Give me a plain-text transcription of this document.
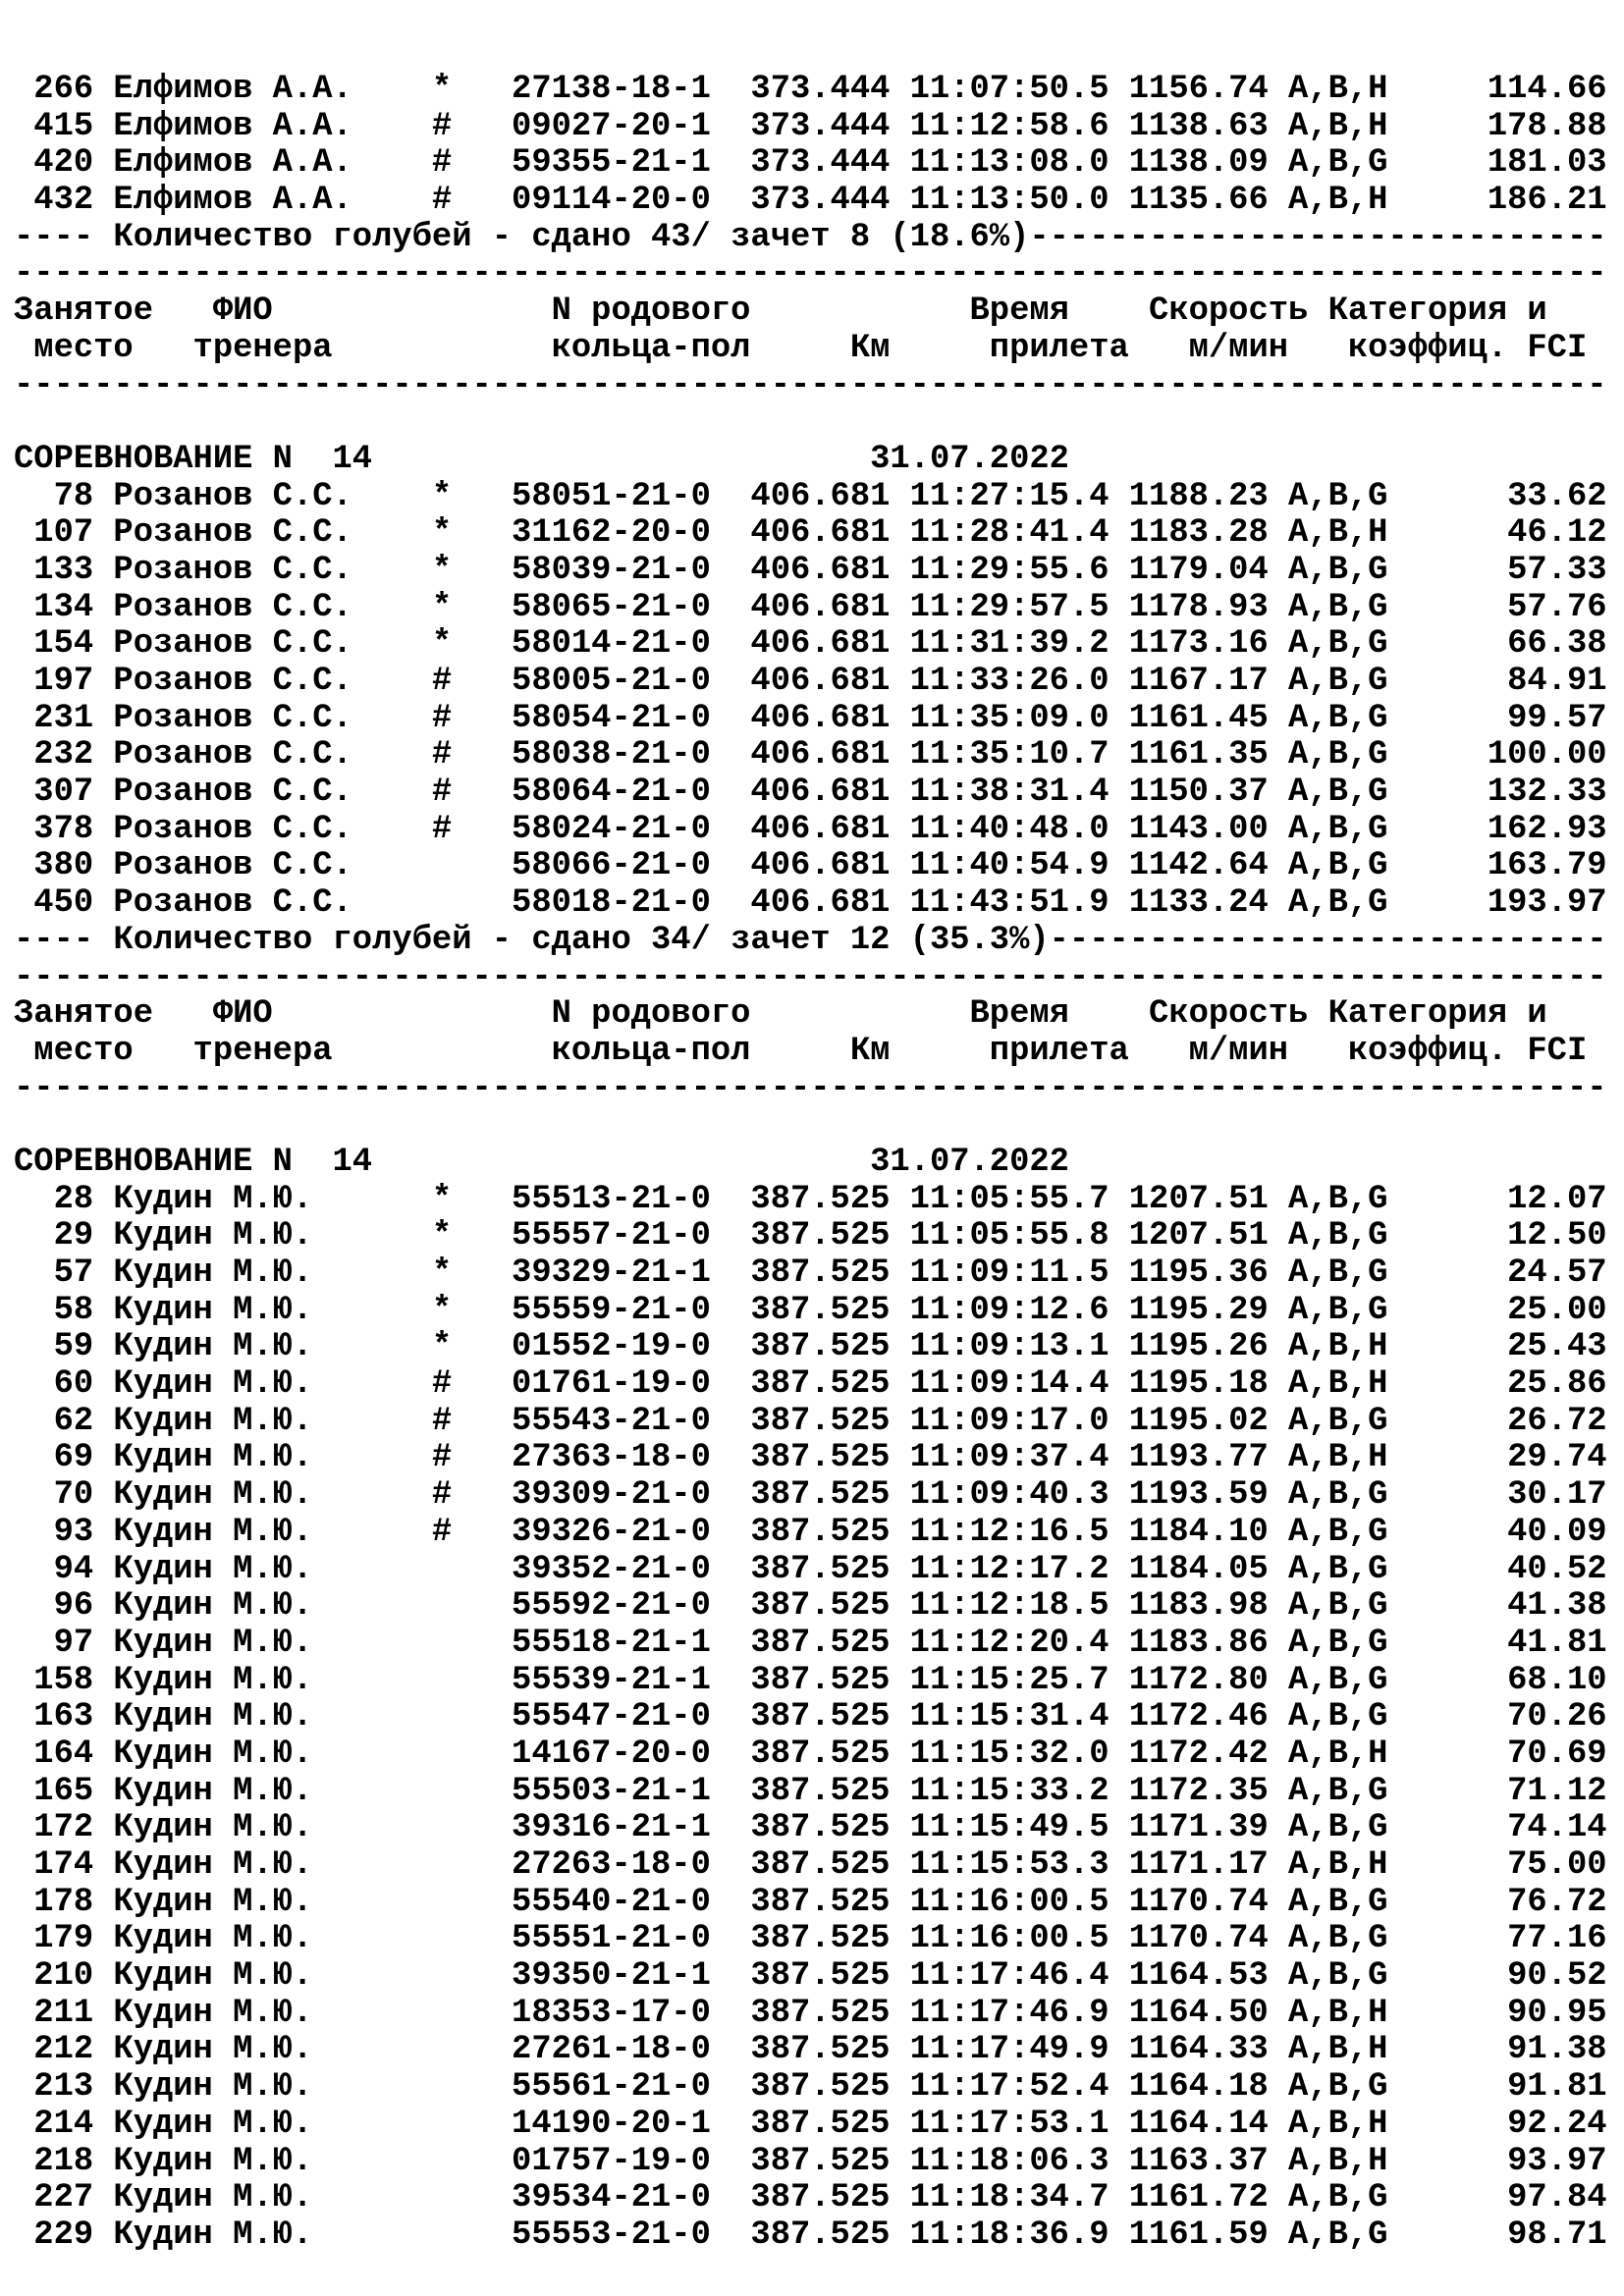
266 Елфимов А.А.    *   27138-18-1  373.444 11:07:50.5 1156.74 A,B,H     114.66
415 Елфимов А.А.    #   09027-20-1  373.444 11:12:58.6 1138.63 A,B,H     178.88
420 Елфимов А.А.    #   59355-21-1  373.444 11:13:08.0 1138.09 A,B,G     181.03
432 Елфимов А.А.    #   09114-20-0  373.444 11:13:50.0 1135.66 A,B,H     186.21
---- Количество голубей - сдано 43/ зачет 8 (18.6%)-----------------------------
--------------------------------------------------------------------------------
Занятое   ФИО              N родового           Время    Скорость Категория и
место   тренера           кольца-пол     Км     прилета   м/мин   коэффиц. FCI
--------------------------------------------------------------------------------
СОРЕВНОВАНИЕ N  14                         31.07.2022
78 Розанов С.С.    *   58051-21-0  406.681 11:27:15.4 1188.23 A,B,G      33.62
107 Розанов С.С.    *   31162-20-0  406.681 11:28:41.4 1183.28 A,B,H      46.12
133 Розанов С.С.    *   58039-21-0  406.681 11:29:55.6 1179.04 A,B,G      57.33
134 Розанов С.С.    *   58065-21-0  406.681 11:29:57.5 1178.93 A,B,G      57.76
154 Розанов С.С.    *   58014-21-0  406.681 11:31:39.2 1173.16 A,B,G      66.38
197 Розанов С.С.    #   58005-21-0  406.681 11:33:26.0 1167.17 A,B,G      84.91
231 Розанов С.С.    #   58054-21-0  406.681 11:35:09.0 1161.45 A,B,G      99.57
232 Розанов С.С.    #   58038-21-0  406.681 11:35:10.7 1161.35 A,B,G     100.00
307 Розанов С.С.    #   58064-21-0  406.681 11:38:31.4 1150.37 A,B,G     132.33
378 Розанов С.С.    #   58024-21-0  406.681 11:40:48.0 1143.00 A,B,G     162.93
380 Розанов С.С.        58066-21-0  406.681 11:40:54.9 1142.64 A,B,G     163.79
450 Розанов С.С.        58018-21-0  406.681 11:43:51.9 1133.24 A,B,G     193.97
---- Количество голубей - сдано 34/ зачет 12 (35.3%)----------------------------
--------------------------------------------------------------------------------
Занятое   ФИО              N родового           Время    Скорость Категория и
место   тренера           кольца-пол     Км     прилета   м/мин   коэффиц. FCI
--------------------------------------------------------------------------------
СОРЕВНОВАНИЕ N  14                         31.07.2022
28 Кудин М.Ю.      *   55513-21-0  387.525 11:05:55.7 1207.51 A,B,G      12.07
29 Кудин М.Ю.      *   55557-21-0  387.525 11:05:55.8 1207.51 A,B,G      12.50
57 Кудин М.Ю.      *   39329-21-1  387.525 11:09:11.5 1195.36 A,B,G      24.57
58 Кудин М.Ю.      *   55559-21-0  387.525 11:09:12.6 1195.29 A,B,G      25.00
59 Кудин М.Ю.      *   01552-19-0  387.525 11:09:13.1 1195.26 A,B,H      25.43
60 Кудин М.Ю.      #   01761-19-0  387.525 11:09:14.4 1195.18 A,B,H      25.86
62 Кудин М.Ю.      #   55543-21-0  387.525 11:09:17.0 1195.02 A,B,G      26.72
69 Кудин М.Ю.      #   27363-18-0  387.525 11:09:37.4 1193.77 A,B,H      29.74
70 Кудин М.Ю.      #   39309-21-0  387.525 11:09:40.3 1193.59 A,B,G      30.17
93 Кудин М.Ю.      #   39326-21-0  387.525 11:12:16.5 1184.10 A,B,G      40.09
94 Кудин М.Ю.          39352-21-0  387.525 11:12:17.2 1184.05 A,B,G      40.52
96 Кудин М.Ю.          55592-21-0  387.525 11:12:18.5 1183.98 A,B,G      41.38
97 Кудин М.Ю.          55518-21-1  387.525 11:12:20.4 1183.86 A,B,G      41.81
158 Кудин М.Ю.          55539-21-1  387.525 11:15:25.7 1172.80 A,B,G      68.10
163 Кудин М.Ю.          55547-21-0  387.525 11:15:31.4 1172.46 A,B,G      70.26
164 Кудин М.Ю.          14167-20-0  387.525 11:15:32.0 1172.42 A,B,H      70.69
165 Кудин М.Ю.          55503-21-1  387.525 11:15:33.2 1172.35 A,B,G      71.12
172 Кудин М.Ю.          39316-21-1  387.525 11:15:49.5 1171.39 A,B,G      74.14
174 Кудин М.Ю.          27263-18-0  387.525 11:15:53.3 1171.17 A,B,H      75.00
178 Кудин М.Ю.          55540-21-0  387.525 11:16:00.5 1170.74 A,B,G      76.72
179 Кудин М.Ю.          55551-21-0  387.525 11:16:00.5 1170.74 A,B,G      77.16
210 Кудин М.Ю.          39350-21-1  387.525 11:17:46.4 1164.53 A,B,G      90.52
211 Кудин М.Ю.          18353-17-0  387.525 11:17:46.9 1164.50 A,B,H      90.95
212 Кудин М.Ю.          27261-18-0  387.525 11:17:49.9 1164.33 A,B,H      91.38
213 Кудин М.Ю.          55561-21-0  387.525 11:17:52.4 1164.18 A,B,G      91.81
214 Кудин М.Ю.          14190-20-1  387.525 11:17:53.1 1164.14 A,B,H      92.24
218 Кудин М.Ю.          01757-19-0  387.525 11:18:06.3 1163.37 A,B,H      93.97
227 Кудин М.Ю.          39534-21-0  387.525 11:18:34.7 1161.72 A,B,G      97.84
229 Кудин М.Ю.          55553-21-0  387.525 11:18:36.9 1161.59 A,B,G      98.71
